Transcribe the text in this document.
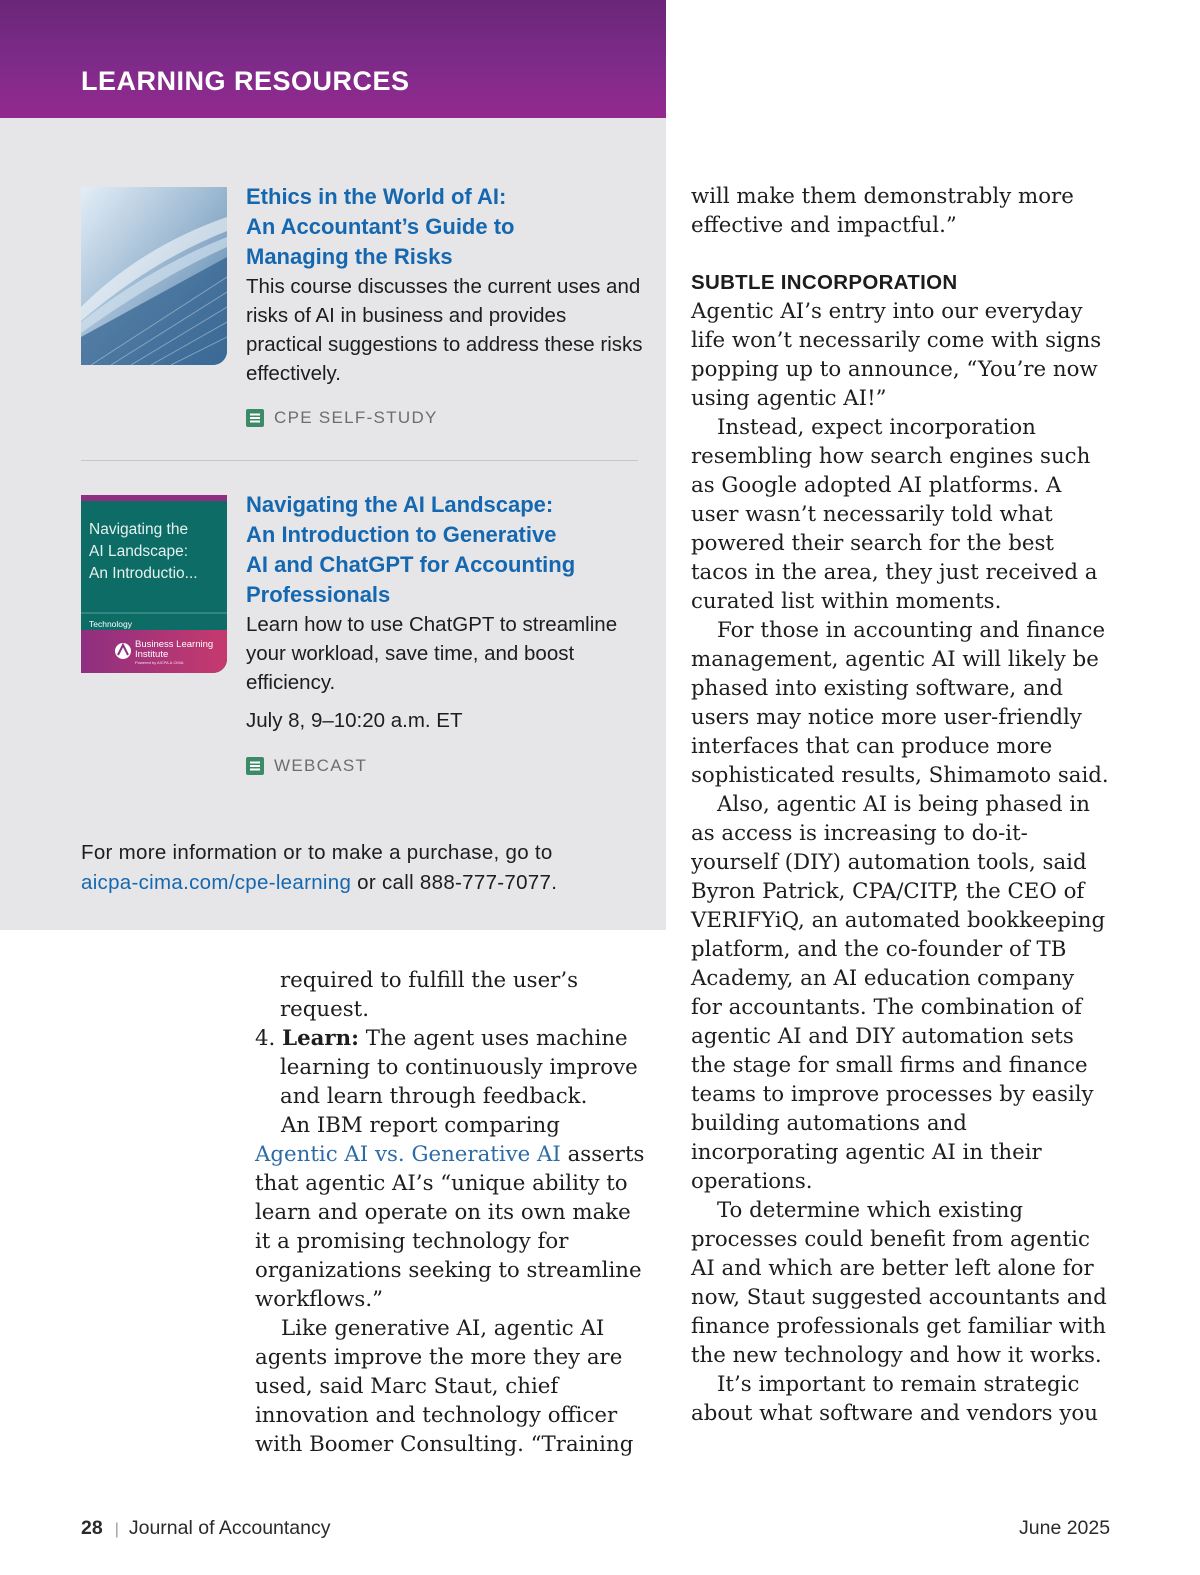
LEARNING RESOURCES
Ethics in the World of AI:
An Accountant’s Guide to
Managing the Risks
This course discusses the current uses and risks of AI in business and provides practical suggestions to address these risks effectively.
CPE SELF-STUDY
Navigating the
AI Landscape:
An Introductio...
Technology
Business Learning
Institute
Powered by AICPA & CIMA
Navigating the AI Landscape:
An Introduction to Generative
AI and ChatGPT for Accounting
Professionals
Learn how to use ChatGPT to streamline your workload, save time, and boost efficiency.
July 8, 9–10:20 a.m. ET
WEBCAST
For more information or to make a purchase, go to
aicpa-cima.com/cpe-learning or call 888-777-7077.

required to fulfill the user’s request.

4. Learn: The agent uses machine learning to continuously improve and learn through feedback.

An IBM report comparing Agentic AI vs. Generative AI asserts that agentic AI’s “unique ability to learn and operate on its own make it a promising technology for organizations seeking to streamline workflows.”

Like generative AI, agentic AI agents improve the more they are used, said Marc Staut, chief innovation and technology officer with Boomer Consulting. “Training

will make them demonstrably more effective and impactful.”

SUBTLE INCORPORATION

Agentic AI’s entry into our everyday life won’t necessarily come with signs popping up to announce, “You’re now using agentic AI!”

Instead, expect incorporation resembling how search engines such as Google adopted AI platforms. A user wasn’t necessarily told what powered their search for the best tacos in the area, they just received a curated list within moments.

For those in accounting and finance management, agentic AI will likely be phased into existing software, and users may notice more user-friendly interfaces that can produce more sophisticated results, Shimamoto said.

Also, agentic AI is being phased in as access is increasing to do-it-yourself (DIY) automation tools, said Byron Patrick, CPA/CITP, the CEO of VERIFYiQ, an automated bookkeeping platform, and the co-founder of TB Academy, an AI education company for accountants. The combination of agentic AI and DIY automation sets the stage for small firms and finance teams to improve processes by easily building automations and incorporating agentic AI in their operations.

To determine which existing processes could benefit from agentic AI and which are better left alone for now, Staut suggested accountants and finance professionals get familiar with the new technology and how it works.

It’s important to remain strategic about what software and vendors you

28 | Journal of Accountancy	June 2025
